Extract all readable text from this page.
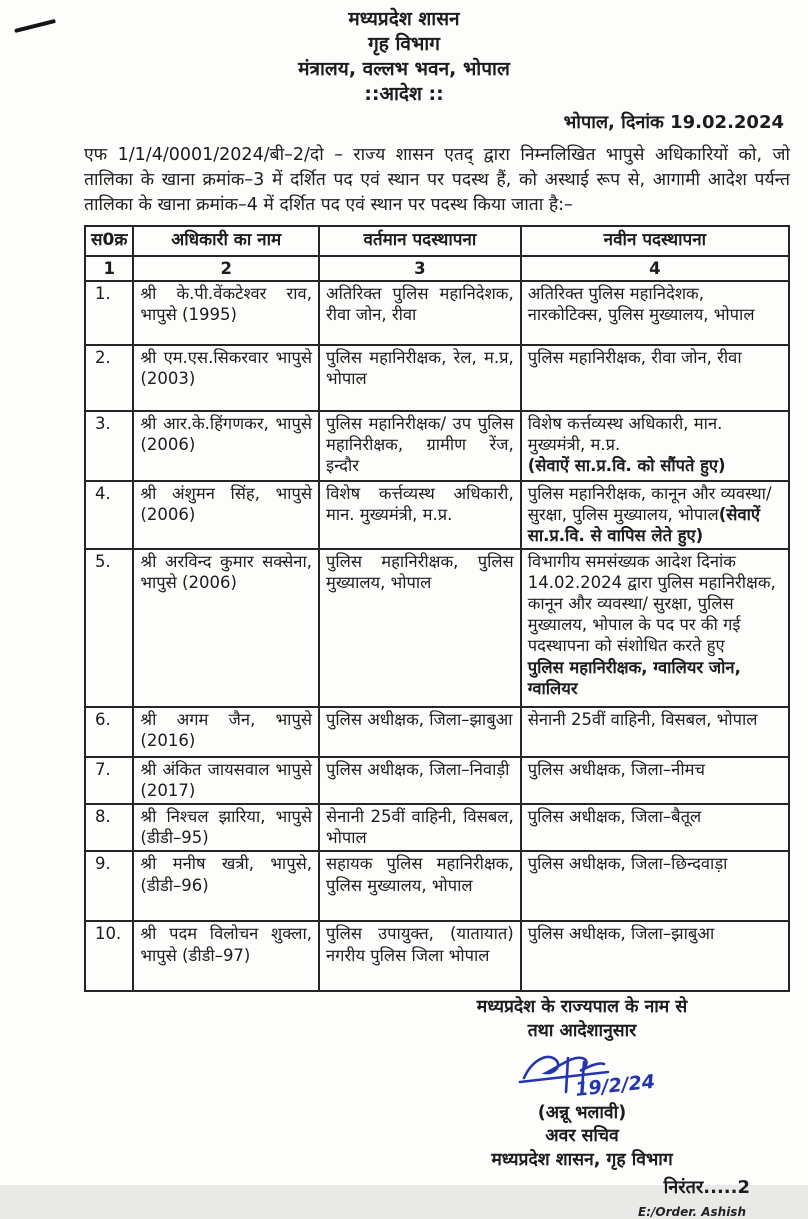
मध्यप्रदेश शासन
गृह विभाग
मंत्रालय, वल्लभ भवन, भोपाल
::आदेश ::
भोपाल, दिनांक 19.02.2024
एफ 1/1/4/0001/2024/बी–2/दो – राज्य शासन एतद् द्वारा निम्नलिखित भापुसे अधिकारियों को, जो तालिका के खाना क्रमांक–3 में दर्शित पद एवं स्थान पर पदस्थ हैं, को अस्थाई रूप से, आगामी आदेश पर्यन्त तालिका के खाना क्रमांक–4 में दर्शित पद एवं स्थान पर पदस्थ किया जाता है:–
स0क्र	अधिकारी का नाम	वर्तमान पदस्थापना	नवीन पदस्थापना
1	2	3	4
1.	श्री के.पी.वेंकटेश्वर राव, भापुसे (1995)	अतिरिक्त पुलिस महानिदेशक, रीवा जोन, रीवा	अतिरिक्त पुलिस महानिदेशक, नारकोटिक्स, पुलिस मुख्यालय, भोपाल
2.	श्री एम.एस.सिकरवार भापुसे (2003)	पुलिस महानिरीक्षक, रेल, म.प्र, भोपाल	पुलिस महानिरीक्षक, रीवा जोन, रीवा
3.	श्री आर.के.हिंगणकर, भापुसे (2006)	पुलिस महानिरीक्षक/ उप पुलिस महानिरीक्षक, ग्रामीण रेंज, इन्दौर	विशेष कर्त्तव्यस्थ अधिकारी, मान. मुख्यमंत्री, म.प्र.
(सेवाऐं सा.प्र.वि. को सौंपते हुए)

4.	श्री अंशुमन सिंह, भापुसे (2006)	विशेष कर्त्तव्यस्थ अधिकारी, मान. मुख्यमंत्री, म.प्र.	पुलिस महानिरीक्षक, कानून और व्यवस्था/सुरक्षा, पुलिस मुख्यालय, भोपाल(सेवाऐं सा.प्र.वि. से वापिस लेते हुए)
5.	श्री अरविन्द कुमार सक्सेना, भापुसे (2006)	पुलिस महानिरीक्षक, पुलिस मुख्यालय, भोपाल	विभागीय समसंख्यक आदेश दिनांक 14.02.2024 द्वारा पुलिस महानिरीक्षक, कानून और व्यवस्था/ सुरक्षा, पुलिस मुख्यालय, भोपाल के पद पर की गई पदस्थापना को संशोधित करते हुए
पुलिस महानिरीक्षक, ग्वालियर जोन, ग्वालियर

6.	श्री अगम जैन, भापुसे (2016)	पुलिस अधीक्षक, जिला–झाबुआ	सेनानी 25वीं वाहिनी, विसबल, भोपाल
7.	श्री अंकित जायसवाल भापुसे (2017)	पुलिस अधीक्षक, जिला–निवाड़ी	पुलिस अधीक्षक, जिला–नीमच
8.	श्री निश्चल झारिया, भापुसे (डीडी–95)	सेनानी 25वीं वाहिनी, विसबल, भोपाल	पुलिस अधीक्षक, जिला–बैतूल
9.	श्री मनीष खत्री, भापुसे, (डीडी–96)	सहायक पुलिस महानिरीक्षक, पुलिस मुख्यालय, भोपाल	पुलिस अधीक्षक, जिला–छिन्दवाड़ा
10.	श्री पदम विलोचन शुक्ला, भापुसे (डीडी–97)	पुलिस उपायुक्त, (यातायात) नगरीय पुलिस जिला भोपाल	पुलिस अधीक्षक, जिला–झाबुआ
मध्यप्रदेश के राज्यपाल के नाम से
तथा आदेशानुसार
19/2/24
(अन्नू भलावी)
अवर सचिव
मध्यप्रदेश शासन, गृह विभाग
निरंतर.....2
E:/Order. Ashish
